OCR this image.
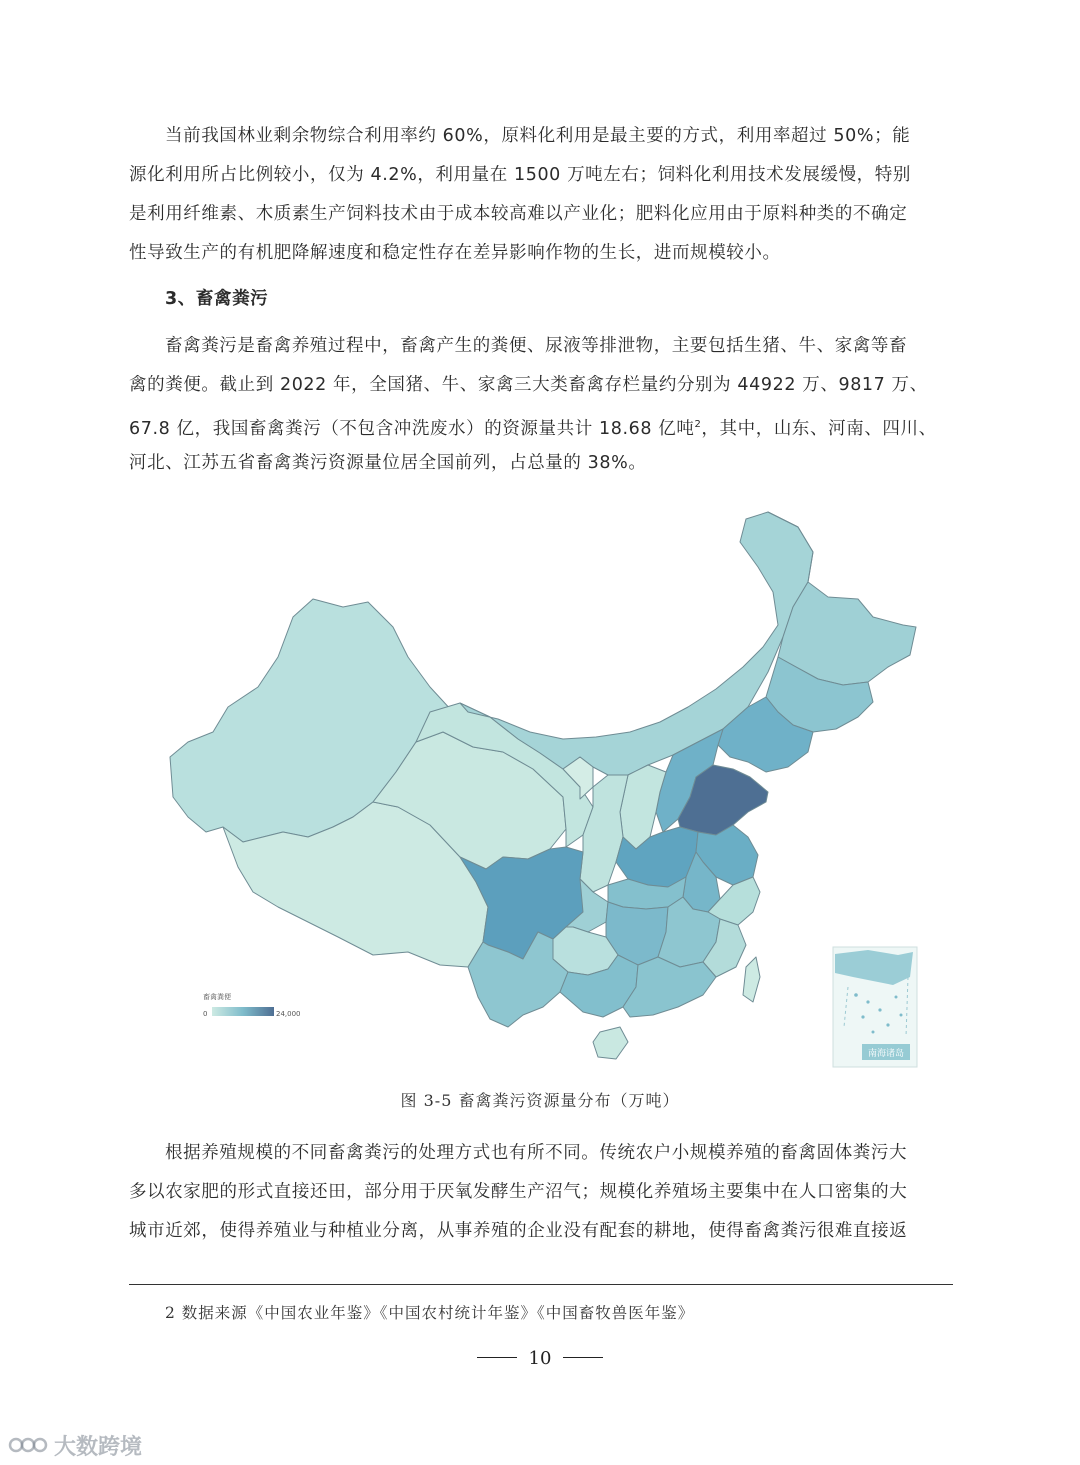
当前我国林业剩余物综合利用率约 60%，原料化利用是最主要的方式，利用率超过 50%；能
源化利用所占比例较小，仅为 4.2%，利用量在 1500 万吨左右；饲料化利用技术发展缓慢，特别
是利用纤维素、木质素生产饲料技术由于成本较高难以产业化；肥料化应用由于原料种类的不确定
性导致生产的有机肥降解速度和稳定性存在差异影响作物的生长，进而规模较小。
3、畜禽粪污
畜禽粪污是畜禽养殖过程中，畜禽产生的粪便、尿液等排泄物，主要包括生猪、牛、家禽等畜
禽的粪便。截止到 2022 年，全国猪、牛、家禽三大类畜禽存栏量约分别为 44922 万、9817 万、
67.8 亿，我国畜禽粪污（不包含冲洗废水）的资源量共计 18.68 亿吨$^2$，其中，山东、河南、四川、
河北、江苏五省畜禽粪污资源量位居全国前列，占总量的 38%。
畜禽粪便
0	24,000
南海诸岛
图 3-5 畜禽粪污资源量分布（万吨）
根据养殖规模的不同畜禽粪污的处理方式也有所不同。传统农户小规模养殖的畜禽固体粪污大
多以农家肥的形式直接还田，部分用于厌氧发酵生产沼气；规模化养殖场主要集中在人口密集的大
城市近郊，使得养殖业与种植业分离，从事养殖的企业没有配套的耕地，使得畜禽粪污很难直接返
2 数据来源《中国农业年鉴》《中国农村统计年鉴》《中国畜牧兽医年鉴》
10
大数跨境
